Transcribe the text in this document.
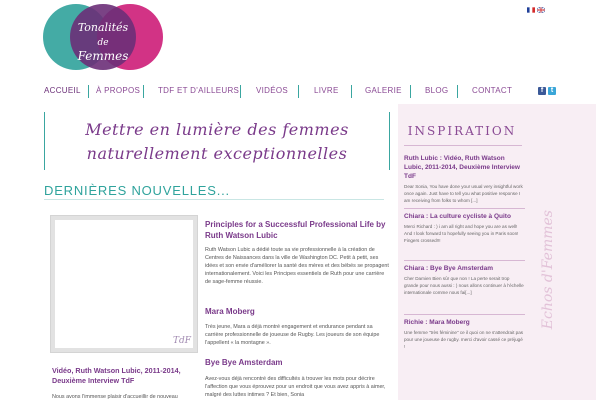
Tonalités
de
Femmes
ACCUEIL À PROPOS TDF ET D'AILLEURS VIDÉOS	LIVRE	GALERIE	BLOG	CONTACT	f	t
Mettre en lumière des femmes
naturellement exceptionnelles
DERNIÈRES NOUVELLES...
TdF
Principles for a Successful Professional Life by Ruth Watson Lubic
Ruth Watson Lubic a dédié toute sa vie professionnelle à la création de Centres de Naissances dans la ville de Washington DC. Petit à petit, ses idées et son envie d'améliorer la santé des mères et des bébés se propagent internationalement. Voici les Principes essentiels de Ruth pour une carrière de sage-femme réussie.
Mara Moberg
Très jeune, Mara a déjà montré engagement et endurance pendant sa carrière professionnelle de joueuse de Rugby. Les joueurs de son équipe l'appellent « la montagne ».
Bye Bye Amsterdam
Avez-vous déjà rencontré des difficultés à trouver les mots pour décrire l'affection que vous éprouvez pour un endroit que vous avez appris à aimer, malgré des luttes intimes ? Et bien, Sonia
Vidéo, Ruth Watson Lubic, 2011-2014, Deuxième Interview TdF
Nous avons l'immense plaisir d'accueillir de nouveau
Echos d'Femmes
INSPIRATION
Ruth Lubic : Vidéo, Ruth Watson Lubic, 2011-2014, Deuxième Interview TdF
Dear Sonia, You have done your usual very insightful work once again. Just have to tell you what positive response I am receiving from folks to whom [...]
Chiara : La culture cycliste à Quito
Merci Richard : ) i am all right and hope you are as well! And I look forward to hopefully seeing you in Paris soon! Fingers crossed!!!
Chiara : Bye Bye Amsterdam
Cher Damien Bien sûr que non ! La perte serait trop grande pour nous aussi : ) nous allons continuer à l'échelle internationale comme nous fai[...]
Richie : Mara Moberg
Une femme "très féminine" ce il quoi on ne s'attendrait pas pour une joueuse de rugby. merci d'avoir cassé ce préjugé !
